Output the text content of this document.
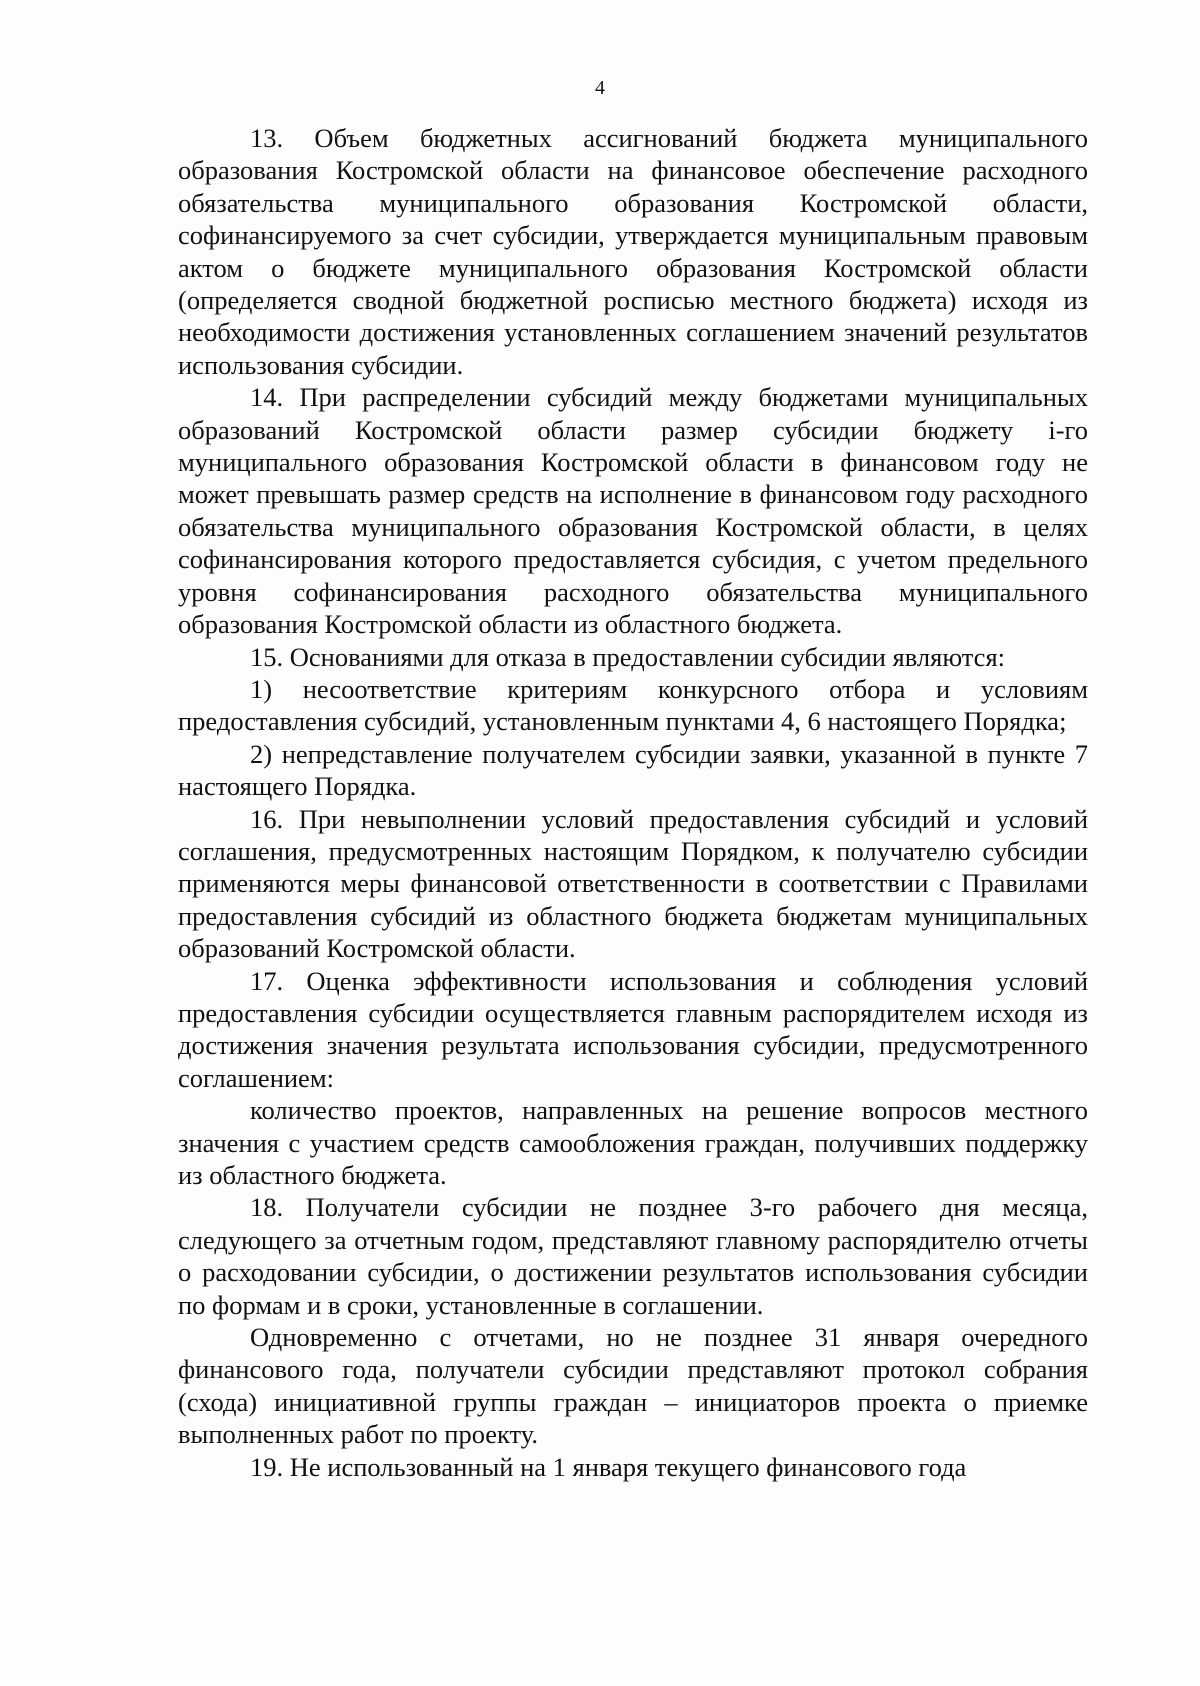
4

13. Объем бюджетных ассигнований бюджета муниципального образования Костромской области на финансовое обеспечение расходного обязательства муниципального образования Костромской области, софинансируемого за счет субсидии, утверждается муниципальным правовым актом о бюджете муниципального образования Костромской области (определяется сводной бюджетной росписью местного бюджета) исходя из необходимости достижения установленных соглашением значений результатов использования субсидии.

14. При распределении субсидий между бюджетами муниципальных образований Костромской области размер субсидии бюджету i-го муниципального образования Костромской области в финансовом году не может превышать размер средств на исполнение в финансовом году расходного обязательства муниципального образования Костромской области, в целях софинансирования которого предоставляется субсидия, с учетом предельного уровня софинансирования расходного обязательства муниципального образования Костромской области из областного бюджета.

15. Основаниями для отказа в предоставлении субсидии являются:

1) несоответствие критериям конкурсного отбора и условиям предоставления субсидий, установленным пунктами 4, 6 настоящего Порядка;

2) непредставление получателем субсидии заявки, указанной в пункте 7 настоящего Порядка.

16. При невыполнении условий предоставления субсидий и условий соглашения, предусмотренных настоящим Порядком, к получателю субсидии применяются меры финансовой ответственности в соответствии с Правилами предоставления субсидий из областного бюджета бюджетам муниципальных образований Костромской области.

17. Оценка эффективности использования и соблюдения условий предоставления субсидии осуществляется главным распорядителем исходя из достижения значения результата использования субсидии, предусмотренного соглашением:

количество проектов, направленных на решение вопросов местного значения с участием средств самообложения граждан, получивших поддержку из областного бюджета.

18. Получатели субсидии не позднее 3-го рабочего дня месяца, следующего за отчетным годом, представляют главному распорядителю отчеты о расходовании субсидии, о достижении результатов использования субсидии по формам и в сроки, установленные в соглашении.

Одновременно с отчетами, но не позднее 31 января очередного финансового года, получатели субсидии представляют протокол собрания (схода) инициативной группы граждан – инициаторов проекта о приемке выполненных работ по проекту.

19. Не использованный на 1 января текущего финансового года
